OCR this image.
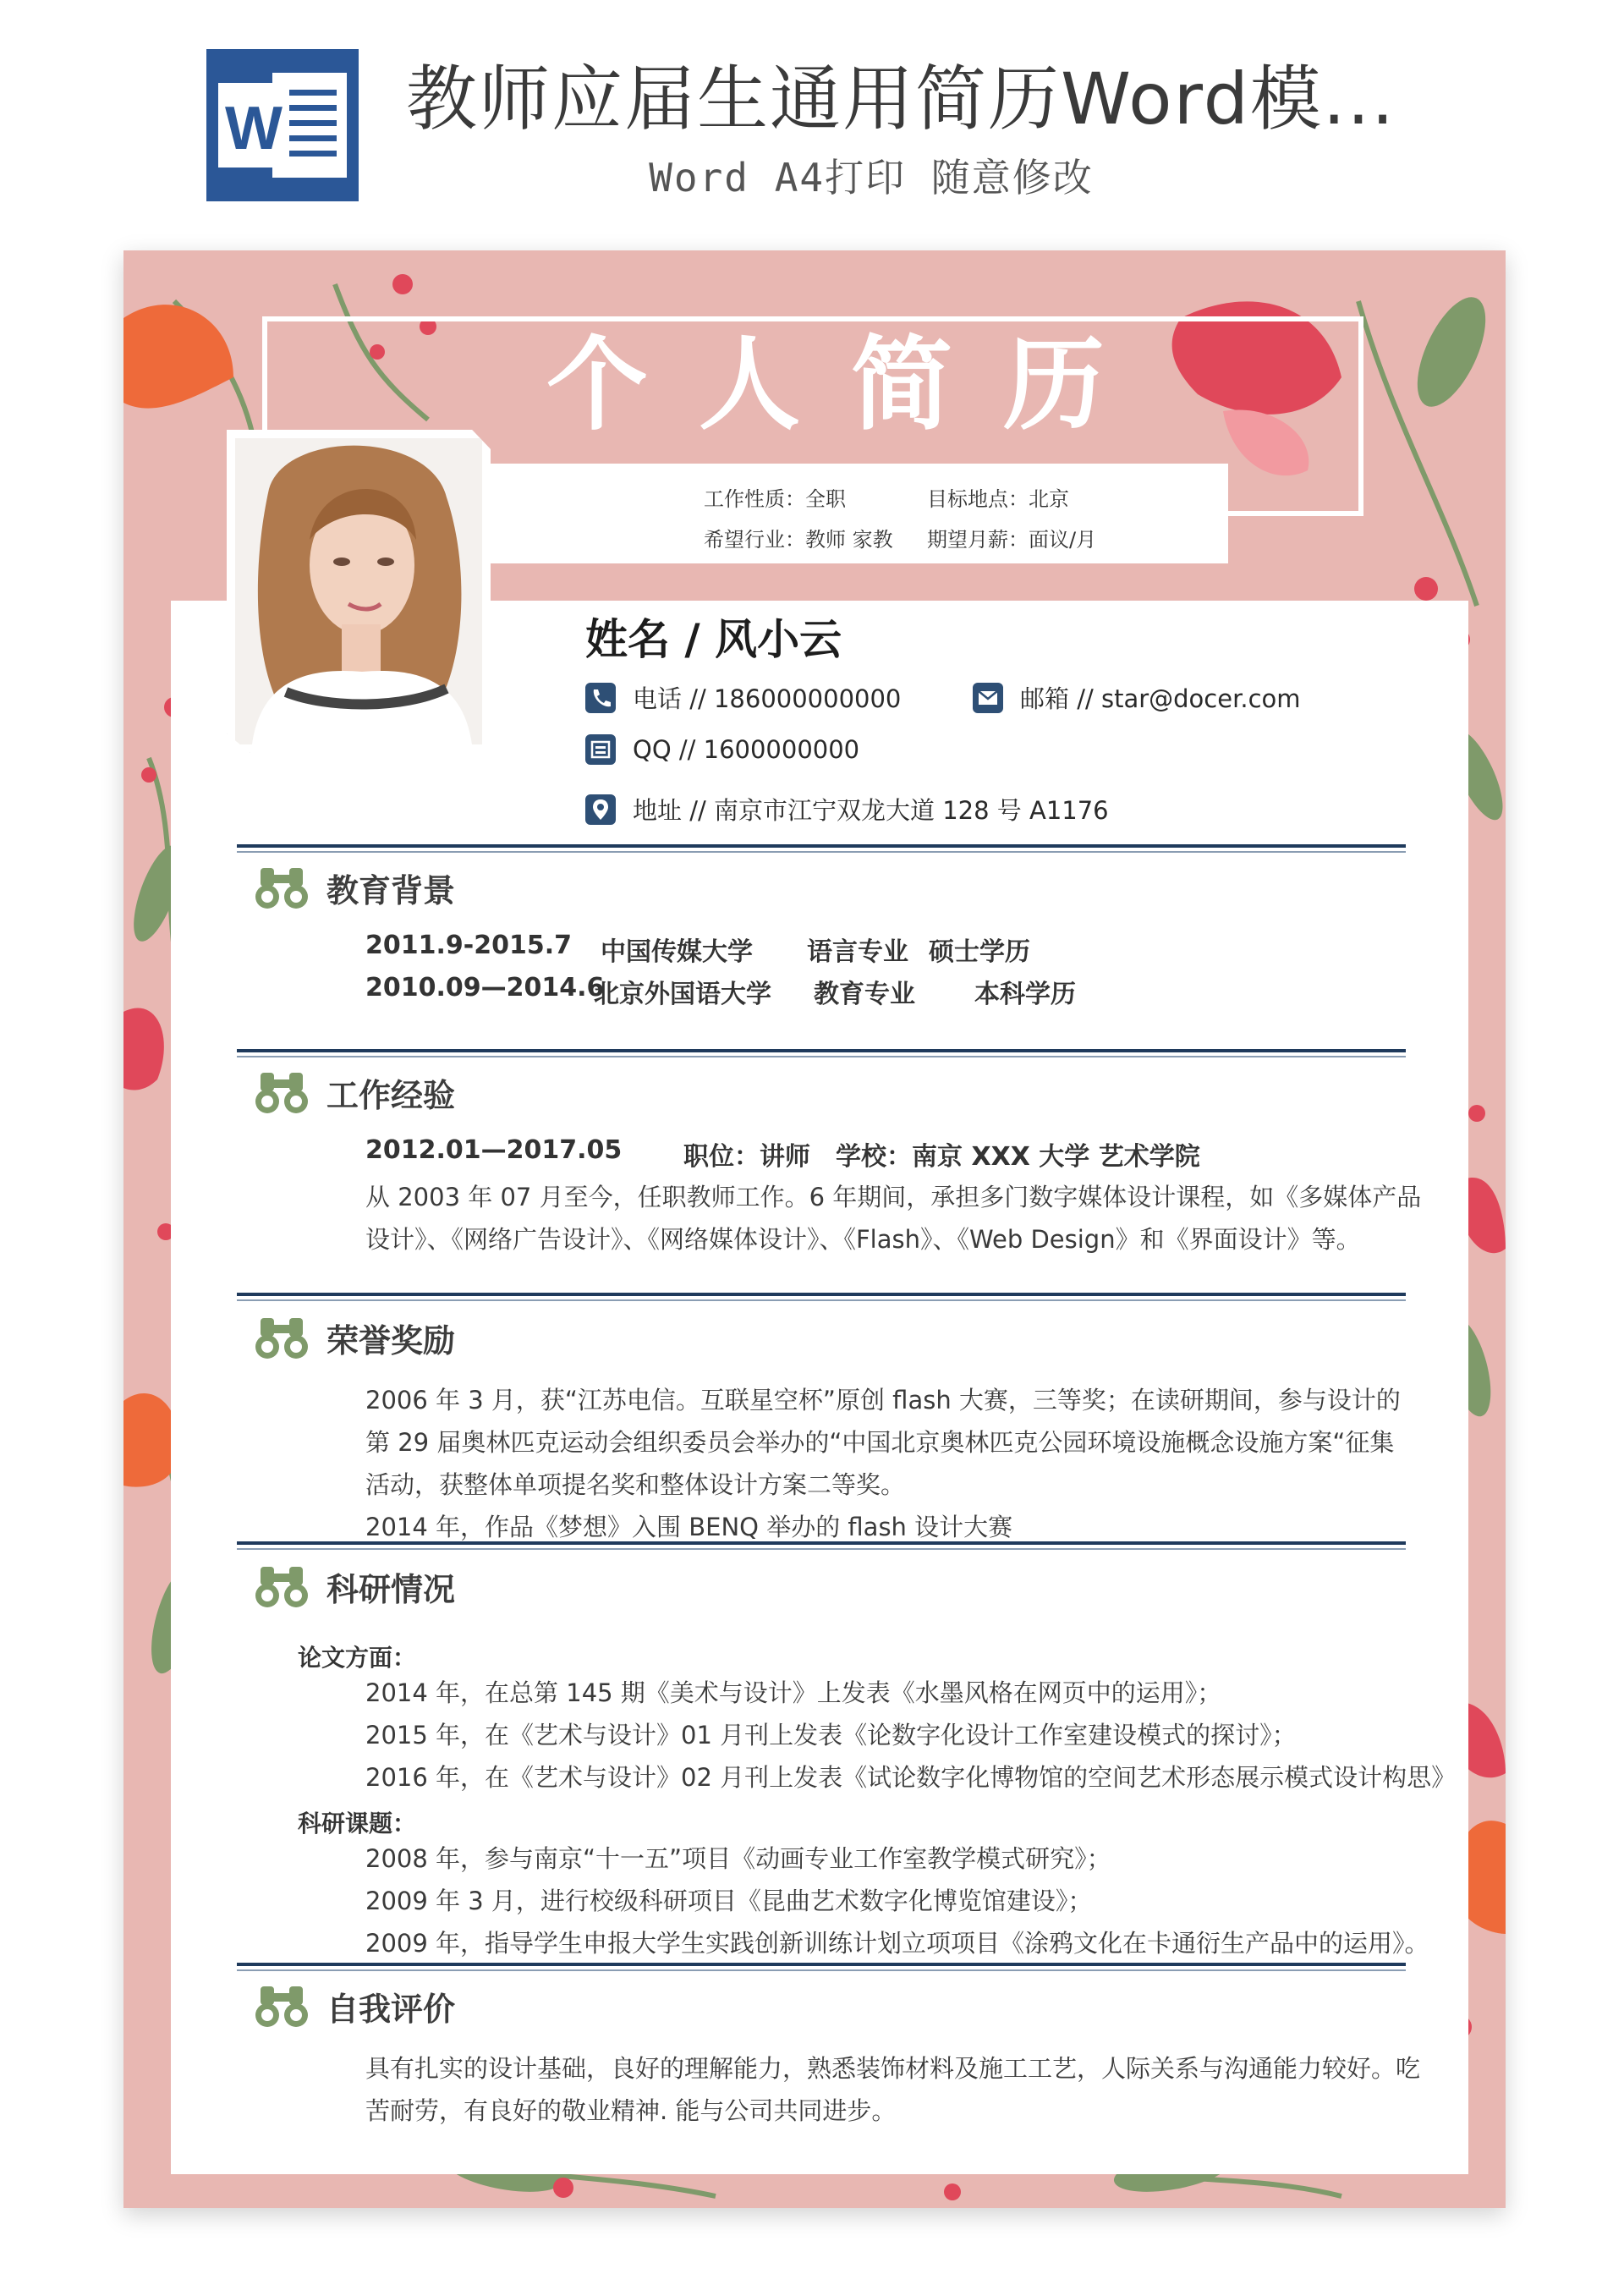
W 教师应届生通用简历Word模...
Word A4打印 随意修改
个人简历
工作性质：全职	目标地点：北京
希望行业：教师 家教 期望月薪：面议/月
姓名 / 风小云
电话 // 186000000000	邮箱 // star@docer.com
QQ // 1600000000
地址 // 南京市江宁双龙大道 128 号 A1176
教育背景
2011.9-2015.7 中国传媒大学 语言专业 硕士学历
2010.09—2014.6
北京外国语大学 教育专业 本科学历
工作经验
2012.01—2017.05 职位：讲师　学校：南京 XXX 大学 艺术学院
从 2003 年 07 月至今，任职教师工作。6 年期间，承担多门数字媒体设计课程，如《多媒体产品
设计》、《网络广告设计》、《网络媒体设计》、《Flash》、《Web Design》和《界面设计》等。
荣誉奖励
2006 年 3 月，获“江苏电信。互联星空杯”原创 flash 大赛，三等奖；在读研期间，参与设计的
第 29 届奥林匹克运动会组织委员会举办的“中国北京奥林匹克公园环境设施概念设施方案“征集
活动，获整体单项提名奖和整体设计方案二等奖。
2014 年，作品《梦想》入围 BENQ 举办的 flash 设计大赛
科研情况
论文方面：
2014 年，在总第 145 期《美术与设计》上发表《水墨风格在网页中的运用》；
2015 年，在《艺术与设计》01 月刊上发表《论数字化设计工作室建设模式的探讨》；
2016 年，在《艺术与设计》02 月刊上发表《试论数字化博物馆的空间艺术形态展示模式设计构思》
科研课题：
2008 年，参与南京“十一五”项目《动画专业工作室教学模式研究》；
2009 年 3 月，进行校级科研项目《昆曲艺术数字化博览馆建设》；
2009 年，指导学生申报大学生实践创新训练计划立项项目《涂鸦文化在卡通衍生产品中的运用》。
自我评价
具有扎实的设计基础，良好的理解能力，熟悉装饰材料及施工工艺，人际关系与沟通能力较好。吃
苦耐劳，有良好的敬业精神. 能与公司共同进步。
